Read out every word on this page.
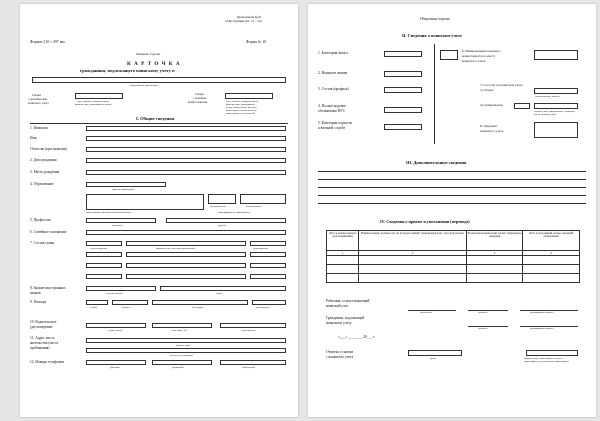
Приложение №22
к Инструкции (пп. 31 – 34)
Формат 210 × 297 мм	Форма № 10
Лицевая сторона
К А Р Т О Ч К А
гражданина, подлежащего воинскому учету в
(наименование организации)
Сверка
с документами
воинского учета	(дата, подпись, инициалы имени,
фамилия лица, проводившего сверку)
Сверка
с военным
комиссариатом	(дата, подпись, инициалы имени,
фамилия лица, проводившего
сверку, наименование военного
комиссариата, печать военного
комиссариата с его отметкой)
I. Общие сведения
1. Фамилия
Имя
Отчество (при наличии)
2. Дата рождения
3. Место рождения
4. Образование
(уровень образования)
(специальность)	(год окончания)
(наименование образовательной организации)	(квалификация по образованию)
5. Профессия
(основная)	(другие)
6. Семейное положение
7. Состав семьи
(степень родства)	(фамилия, имя, отчество (при наличии))	(год рождения)
8. Знание иностранных
языков	(степень знания)	(язык)
9. Паспорт
(серия)	(номер)	(кем выдан)	(дата выдачи)
10. Водительское
удостоверение
(серия, номер)	(категория, ТС)	(дата выдачи)
11. Адрес места
жительства (места
пребывания)	(фактический)
(по месту регистрации)
12. Номера телефонов
(рабочий)	(домашний)	(мобильный)
Оборотная сторона
II. Сведения о воинском учете
1. Категория запаса
2. Воинское звание
3. Состав (профиль)
4. Полное кодовое
обозначение ВУС
5. Категория годности
к военной службе
6. Наименование военного
комиссариата по месту
воинского учета
7. Состоит на воинском учете
1) общем
(номер команды, партии)
2) специальном
(подпись лица, оформлявшего, инициалы
имени, фамилия, дата)
8. Документ
воинского учета
III. Дополнительные сведения
IV. Сведения о приеме и увольнении (переводе)
Дата и номер приказа (распоряжения)	Наименование должности, на которую принят (переведен) или с которой уволен	В какой военный комиссариат направлена сведения	Дата и исходящий номер сведений гражданина
1	2	3	4

Работник, осуществляющий
воинский учет
(должность)	(подпись)	(расшифровка подписи)
Гражданин, подлежащий
воинскому учету
(подпись)	(расшифровка подписи)
«___» ________ 20___ г.
Отметка о снятии
с воинского учета	(дата)	(подпись лица, наименование военного
комиссариата, печать военного комиссариата)
